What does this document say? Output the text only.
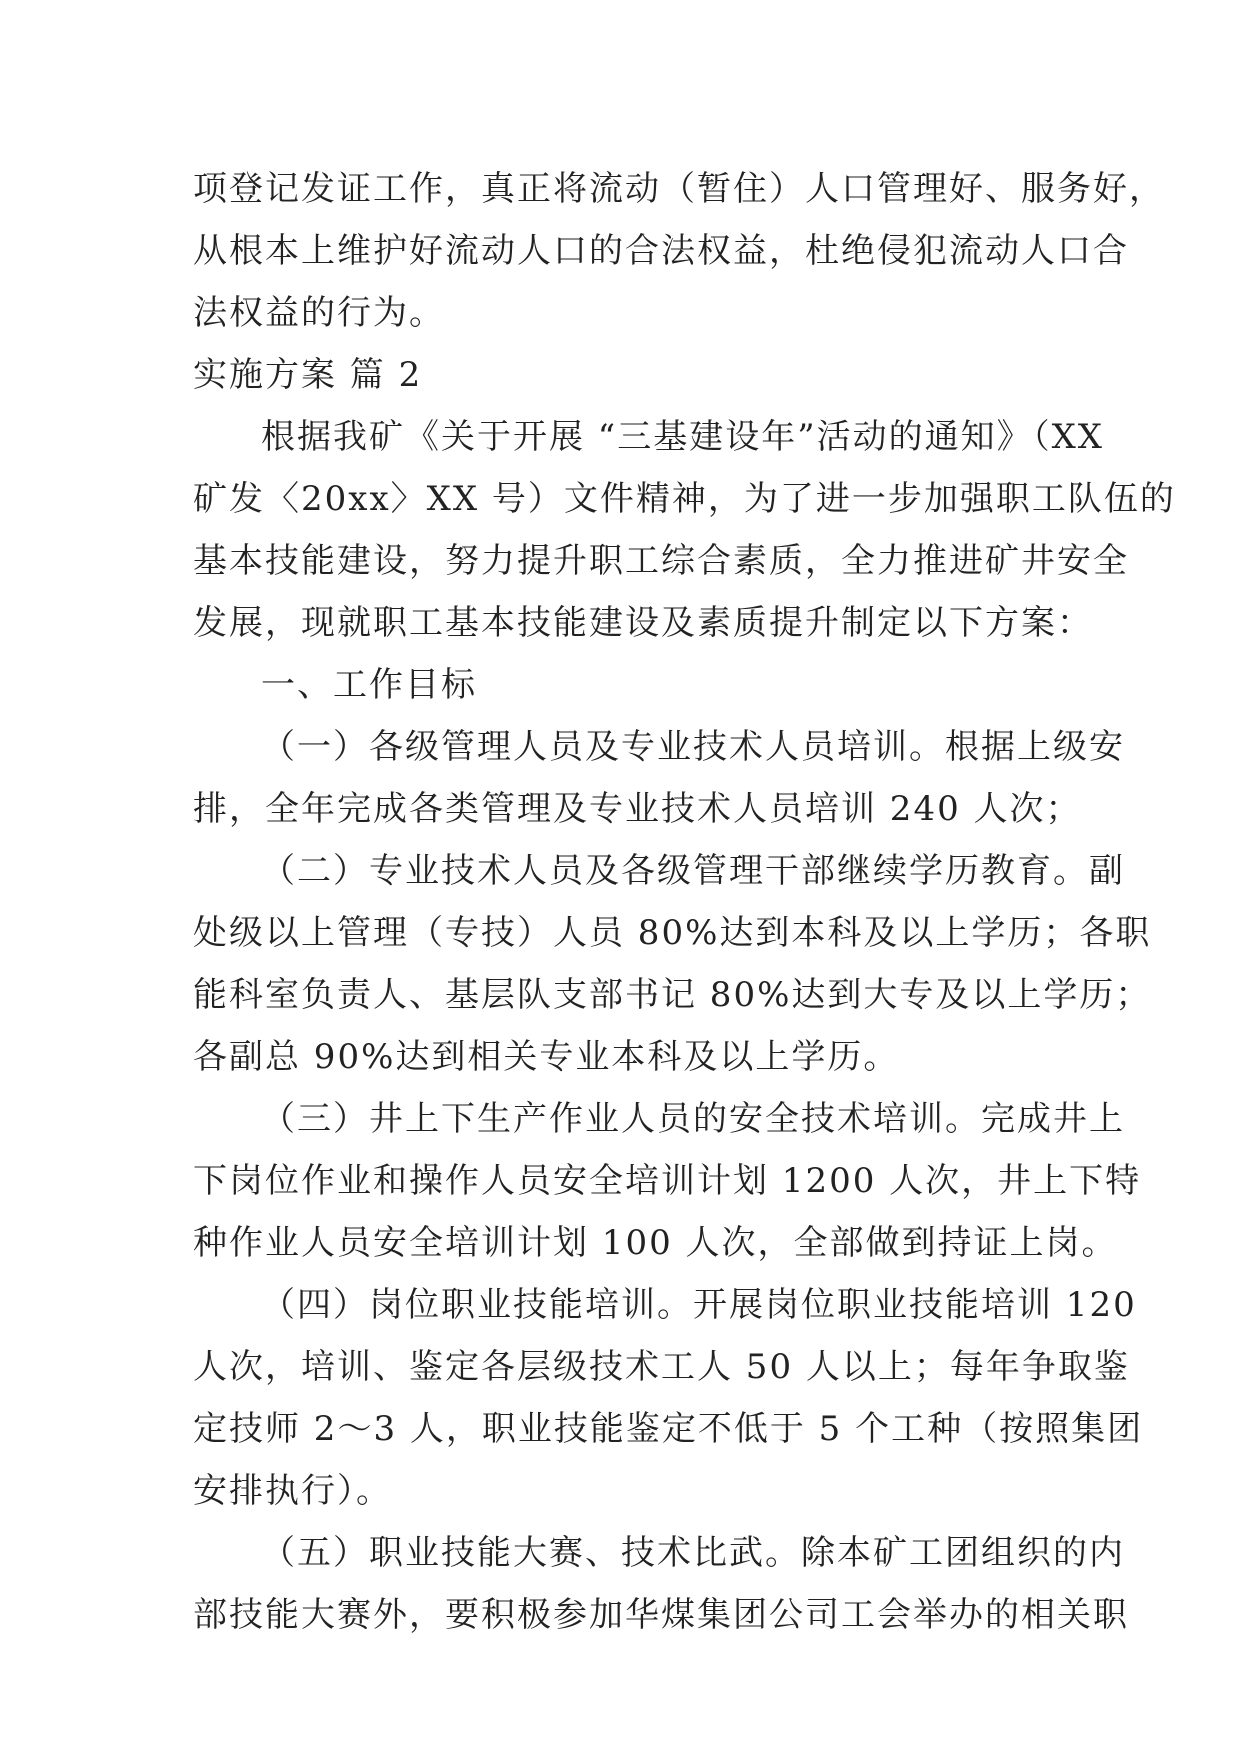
项登记发证工作，真正将流动（暂住）人口管理好、服务好，
从根本上维护好流动人口的合法权益，杜绝侵犯流动人口合
法权益的行为。
实施方案 篇 2
根据我矿《关于开展 “三基建设年”活动的通知》（XX
矿发〈20xx〉XX 号）文件精神，为了进一步加强职工队伍的
基本技能建设，努力提升职工综合素质，全力推进矿井安全
发展，现就职工基本技能建设及素质提升制定以下方案：
一、工作目标
（一）各级管理人员及专业技术人员培训。根据上级安
排，全年完成各类管理及专业技术人员培训 240 人次；
（二）专业技术人员及各级管理干部继续学历教育。副
处级以上管理（专技）人员 80%达到本科及以上学历；各职
能科室负责人、基层队支部书记 80%达到大专及以上学历；
各副总 90%达到相关专业本科及以上学历。
（三）井上下生产作业人员的安全技术培训。完成井上
下岗位作业和操作人员安全培训计划 1200 人次，井上下特
种作业人员安全培训计划 100 人次，全部做到持证上岗。
（四）岗位职业技能培训。开展岗位职业技能培训 120
人次，培训、鉴定各层级技术工人 50 人以上；每年争取鉴
定技师 2～3 人，职业技能鉴定不低于 5 个工种（按照集团
安排执行）。
（五）职业技能大赛、技术比武。除本矿工团组织的内
部技能大赛外，要积极参加华煤集团公司工会举办的相关职
